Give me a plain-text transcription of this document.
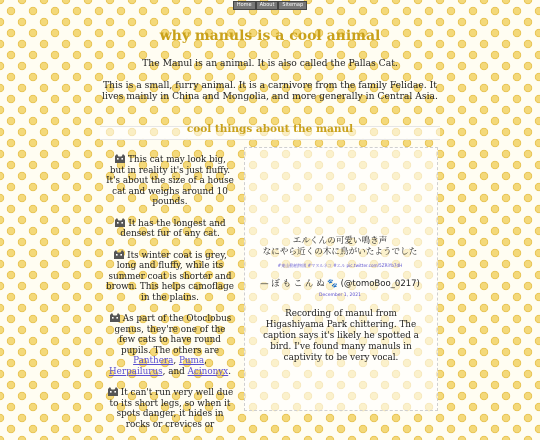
Home About Sitemap
why manuls is a cool animal

The Manul is an animal. It is also called the Pallas Cat.

This is a small, furry animal. It is a carnivore from the family Felidae. It lives mainly in China and Mongolia, and more generally in Central Asia.

cool things about the manul

This cat may look big, but in reality it's just fluffy. It's about the size of a house cat and weighs around 10 pounds.

It has the longest and densest fur of any cat.

Its winter coat is grey, long and fluffy, while its summer coat is shorter and brown. This helps camoflage in the plains.

As part of the Otoclobus genus, they're one of the few cats to have round pupils. The others are Panthera, Puma, Herpailurus, and Acinonyx.

It can't run very well due to its short legs, so when it spots danger, it hides in rocks or crevices or

エルくんの可愛い鳴き声
なにやら近くの木に鳥がいたようでした

#東山動植物園 #マヌルネコ #エル pic.twitter.com/5ZRiYb7dH

— ぼ も こ ん ぬ 🐾 (@tomoBoo_0217)

December 1, 2021

Recording of manul from Higashiyama Park chittering. The caption says it's likely he spotted a bird. I've found many manuls in captivity to be very vocal.
